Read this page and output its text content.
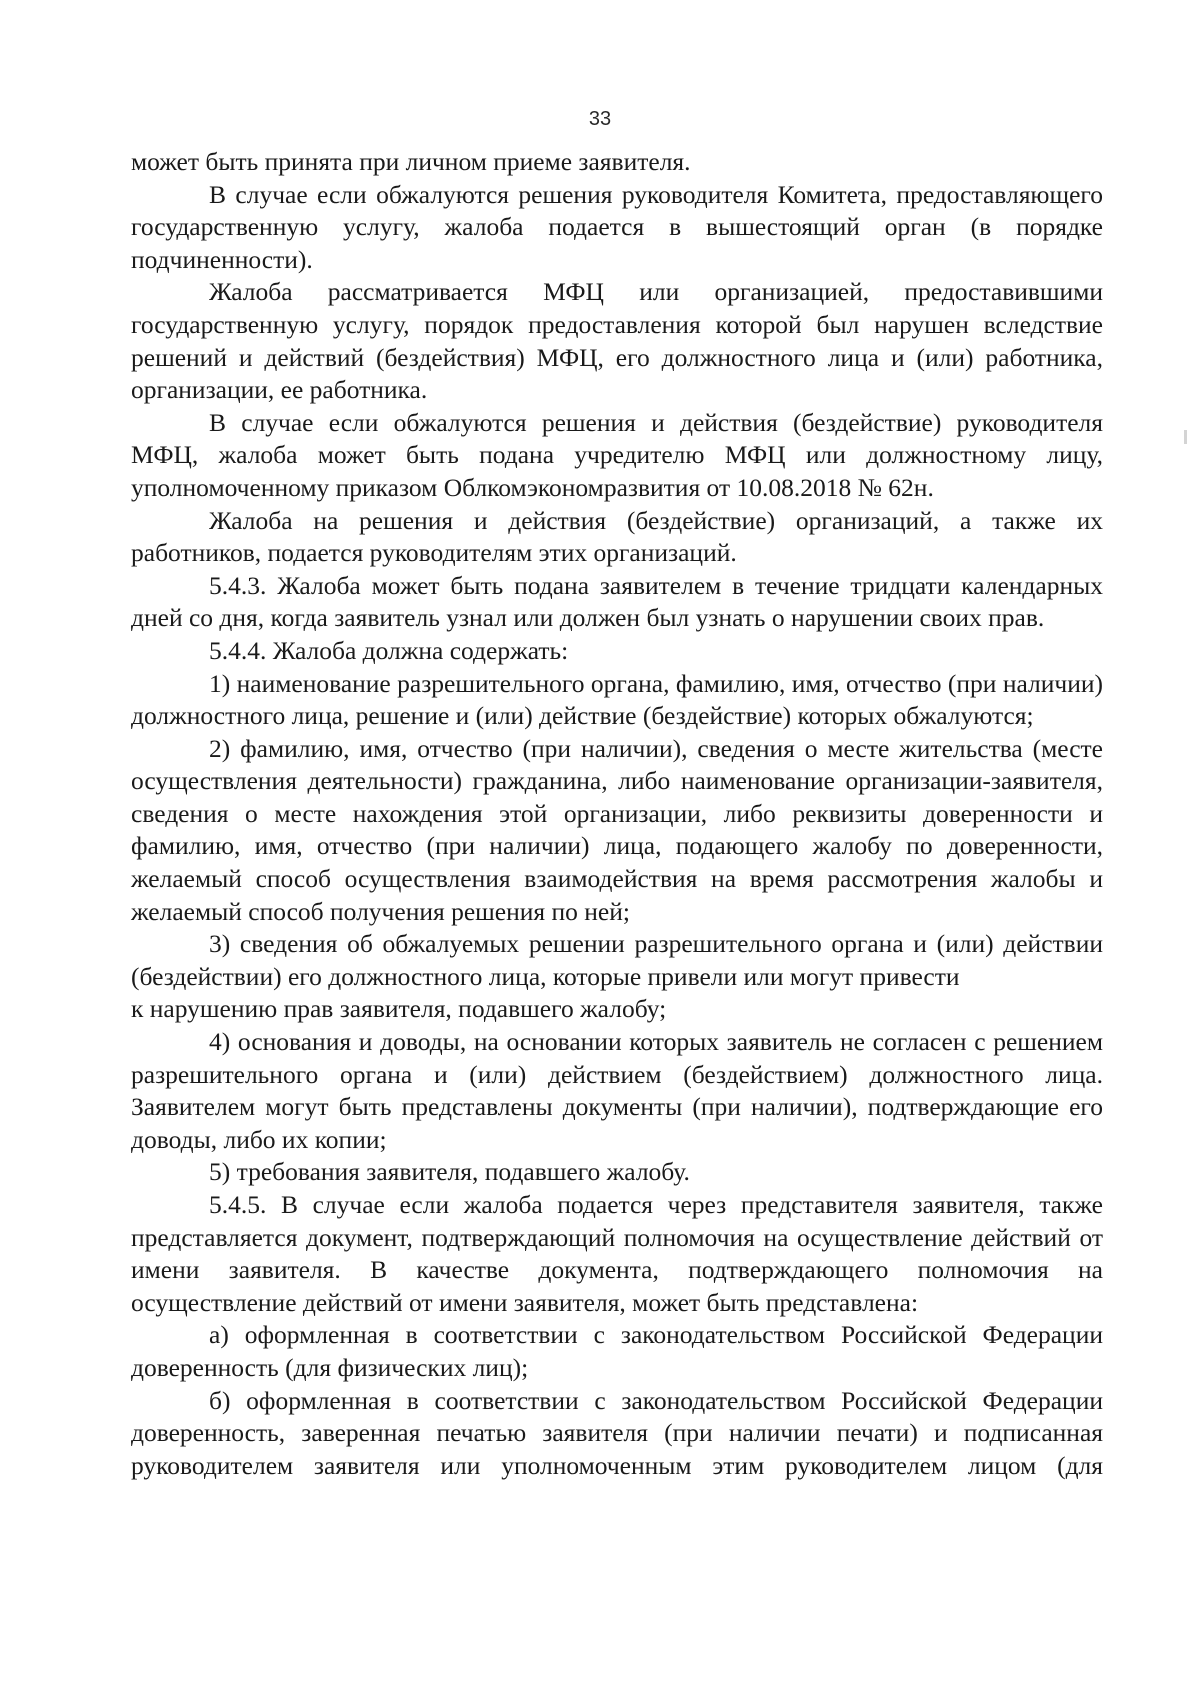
33

может быть принята при личном приеме заявителя.

В случае если обжалуются решения руководителя Комитета, предоставляющего государственную услугу, жалоба подается в вышестоящий орган (в порядке подчиненности).

Жалоба рассматривается МФЦ или организацией, предоставившими государственную услугу, порядок предоставления которой был нарушен вследствие решений и действий (бездействия) МФЦ, его должностного лица и (или) работника, организации, ее работника.

В случае если обжалуются решения и действия (бездействие) руководителя МФЦ, жалоба может быть подана учредителю МФЦ или должностному лицу, уполномоченному приказом Облкомэкономразвития от 10.08.2018 № 62н.

Жалоба на решения и действия (бездействие) организаций, а также их работников, подается руководителям этих организаций.

5.4.3. Жалоба может быть подана заявителем в течение тридцати календарных дней со дня, когда заявитель узнал или должен был узнать о нарушении своих прав.

5.4.4. Жалоба должна содержать:

1) наименование разрешительного органа, фамилию, имя, отчество (при наличии) должностного лица, решение и (или) действие (бездействие) которых обжалуются;

2) фамилию, имя, отчество (при наличии), сведения о месте жительства (месте осуществления деятельности) гражданина, либо наименование организации-заявителя, сведения о месте нахождения этой организации, либо реквизиты доверенности и фамилию, имя, отчество (при наличии) лица, подающего жалобу по доверенности, желаемый способ осуществления взаимодействия на время рассмотрения жалобы и желаемый способ получения решения по ней;

3) сведения об обжалуемых решении разрешительного органа и (или) действии (бездействии) его должностного лица, которые привели или могут привести

к нарушению прав заявителя, подавшего жалобу;

4) основания и доводы, на основании которых заявитель не согласен с решением разрешительного органа и (или) действием (бездействием) должностного лица. Заявителем могут быть представлены документы (при наличии), подтверждающие его доводы, либо их копии;

5) требования заявителя, подавшего жалобу.

5.4.5. В случае если жалоба подается через представителя заявителя, также представляется документ, подтверждающий полномочия на осуществление действий от имени заявителя. В качестве документа, подтверждающего полномочия на осуществление действий от имени заявителя, может быть представлена:

а) оформленная в соответствии с законодательством Российской Федерации доверенность (для физических лиц);

б) оформленная в соответствии с законодательством Российской Федерации доверенность, заверенная печатью заявителя (при наличии печати) и подписанная руководителем заявителя или уполномоченным этим руководителем лицом (для
